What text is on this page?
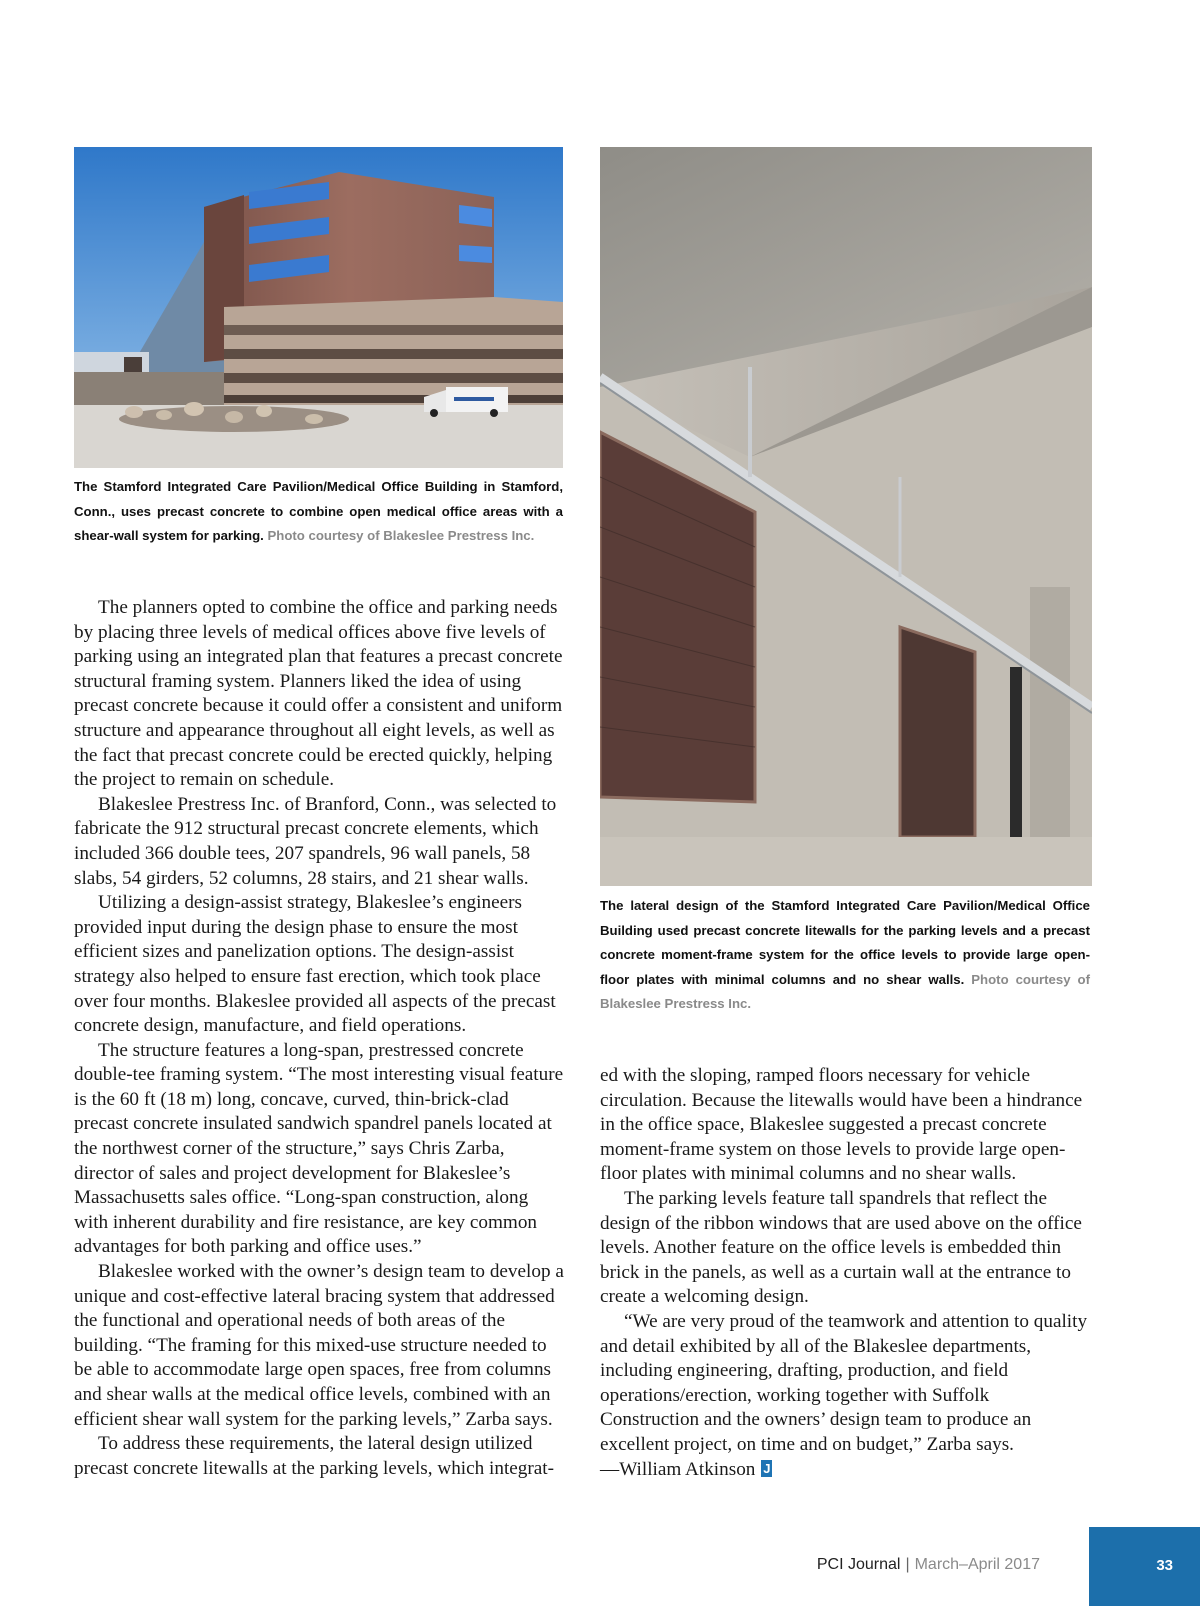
The Stamford Integrated Care Pavilion/Medical Office Building in Stamford, Conn., uses precast concrete to combine open medical office areas with a shear-wall system for parking. Photo courtesy of Blakeslee Prestress Inc.

The lateral design of the Stamford Integrated Care Pavilion/Medical Office Building used precast concrete litewalls for the parking levels and a precast concrete moment-frame system for the office levels to provide large open-floor plates with minimal columns and no shear walls. Photo courtesy of Blakeslee Prestress Inc.

The planners opted to combine the office and parking needs by placing three levels of medical offices above five levels of parking using an integrated plan that features a precast concrete structural framing system. Planners liked the idea of using precast concrete because it could offer a consistent and uniform structure and appearance throughout all eight levels, as well as the fact that precast concrete could be erected quickly, helping the project to remain on schedule.

Blakeslee Prestress Inc. of Branford, Conn., was selected to fabricate the 912 structural precast concrete elements, which included 366 double tees, 207 spandrels, 96 wall panels, 58 slabs, 54 girders, 52 columns, 28 stairs, and 21 shear walls.

Utilizing a design-assist strategy, Blakeslee’s engineers provided input during the design phase to ensure the most efficient sizes and panelization options. The design-assist strategy also helped to ensure fast erection, which took place over four months. Blakeslee provided all aspects of the precast concrete design, manufacture, and field operations.

The structure features a long-span, prestressed concrete double-tee framing system. “The most interesting visual feature is the 60 ft (18 m) long, concave, curved, thin-brick-clad precast concrete insulated sandwich spandrel panels located at the northwest corner of the structure,” says Chris Zarba, director of sales and project development for Blakeslee’s Massachusetts sales office. “Long-span construction, along with inherent durability and fire resistance, are key common advantages for both parking and office uses.”

Blakeslee worked with the owner’s design team to develop a unique and cost-effective lateral bracing system that addressed the functional and operational needs of both areas of the building. “The framing for this mixed-use structure needed to be able to accommodate large open spaces, free from columns and shear walls at the medical office levels, combined with an efficient shear wall system for the parking levels,” Zarba says.

To address these requirements, the lateral design utilized precast concrete litewalls at the parking levels, which integrat-

ed with the sloping, ramped floors necessary for vehicle circulation. Because the litewalls would have been a hindrance in the office space, Blakeslee suggested a precast concrete moment-frame system on those levels to provide large open-floor plates with minimal columns and no shear walls.

The parking levels feature tall spandrels that reflect the design of the ribbon windows that are used above on the office levels. Another feature on the office levels is embedded thin brick in the panels, as well as a curtain wall at the entrance to create a welcoming design.

“We are very proud of the teamwork and attention to quality and detail exhibited by all of the Blakeslee departments, including engineering, drafting, production, and field operations/erection, working together with Suffolk Construction and the owners’ design team to produce an excellent project, on time and on budget,” Zarba says.

—William Atkinson J

PCI Journal | March–April 2017	33
